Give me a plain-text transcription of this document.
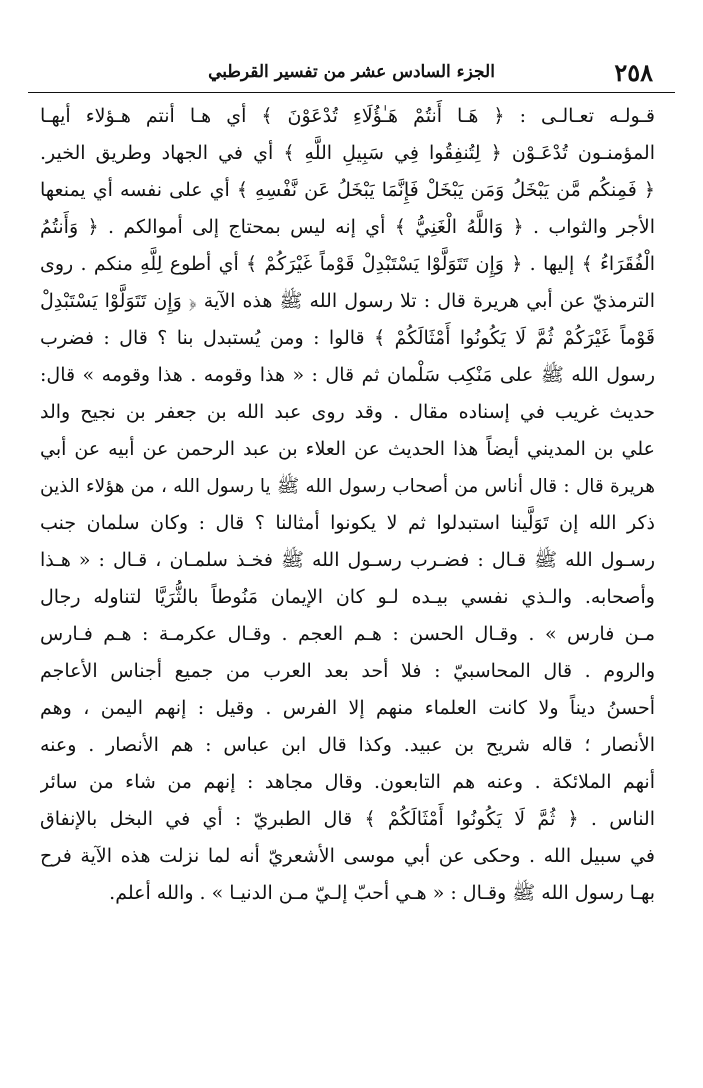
٢٥٨
الجزء السادس عشر من تفسير القرطبي
قـولـه تعـالـى : ﴿ هَـا أَنتُمْ هَـٰؤُلَاءِ تُدْعَوْنَ ﴾ أي هـا أنتم هـؤلاء أيهـا
المؤمنـون تُدْعَـوْن ﴿ لِتُنفِقُوا فِي سَبِيلِ اللَّهِ ﴾ أي في الجهاد وطريق الخير.
﴿ فَمِنكُم مَّن يَبْخَلُ وَمَن يَبْخَلْ فَإِنَّمَا يَبْخَلُ عَن نَّفْسِهِ ﴾ أي على نفسه أي يمنعها
الأجر والثواب . ﴿ وَاللَّهُ الْغَنِيُّ ﴾ أي إنه ليس بمحتاج إلى أموالكم . ﴿ وَأَنتُمُ
الْفُقَرَاءُ ﴾ إليها . ﴿ وَإِن تَتَوَلَّوْا يَسْتَبْدِلْ قَوْماً غَيْرَكُمْ ﴾ أي أطوع لِلَّهِ منكم . روى
الترمذيّ عن أبي هريرة قال : تلا رسول الله ﷺ هذه الآية ﴿ وَإِن تَتَوَلَّوْا يَسْتَبْدِلْ
قَوْماً غَيْرَكُمْ ثُمَّ لَا يَكُونُوا أَمْثَالَكُمْ ﴾ قالوا : ومن يُستبدل بنا ؟ قال : فضرب
رسول الله ﷺ على مَنْكِب سَلْمان ثم قال : « هذا وقومه . هذا وقومه » قال:
حديث غريب في إسناده مقال . وقد روى عبد الله بن جعفر بن نجيح والد
علي بن المديني أيضاً هذا الحديث عن العلاء بن عبد الرحمن عن أبيه عن أبي
هريرة قال : قال أناس من أصحاب رسول الله ﷺ يا رسول الله ، من هؤلاء الذين
ذكر الله إن تَوَلَّينا استبدلوا ثم لا يكونوا أمثالنا ؟ قال : وكان سلمان جنب
رسـول الله ﷺ قـال : فضـرب رسـول الله ﷺ فخـذ سلمـان ، قـال : « هـذا
وأصحابه. والـذي نفسي بيـده لـو كان الإيمان مَنُوطاً بالثُّرَيَّا لتناوله رجال
مـن فارس » . وقـال الحسن : هـم العجم . وقـال عكرمـة : هـم فـارس
والروم . قال المحاسبيّ : فلا أحد بعد العرب من جميع أجناس الأعاجم
أحسنُ ديناً ولا كانت العلماء منهم إلا الفرس . وقيل : إنهم اليمن ، وهم
الأنصار ؛ قاله شريح بن عبيد. وكذا قال ابن عباس : هم الأنصار . وعنه
أنهم الملائكة . وعنه هم التابعون. وقال مجاهد : إنهم من شاء من سائر
الناس . ﴿ ثُمَّ لَا يَكُونُوا أَمْثَالَكُمْ ﴾ قال الطبريّ : أي في البخل بالإنفاق
في سبيل الله . وحكى عن أبي موسى الأشعريّ أنه لما نزلت هذه الآية فرح
بهـا رسول الله ﷺ وقـال : « هـي أحبّ إلـيّ مـن الدنيـا » . والله أعلم.
